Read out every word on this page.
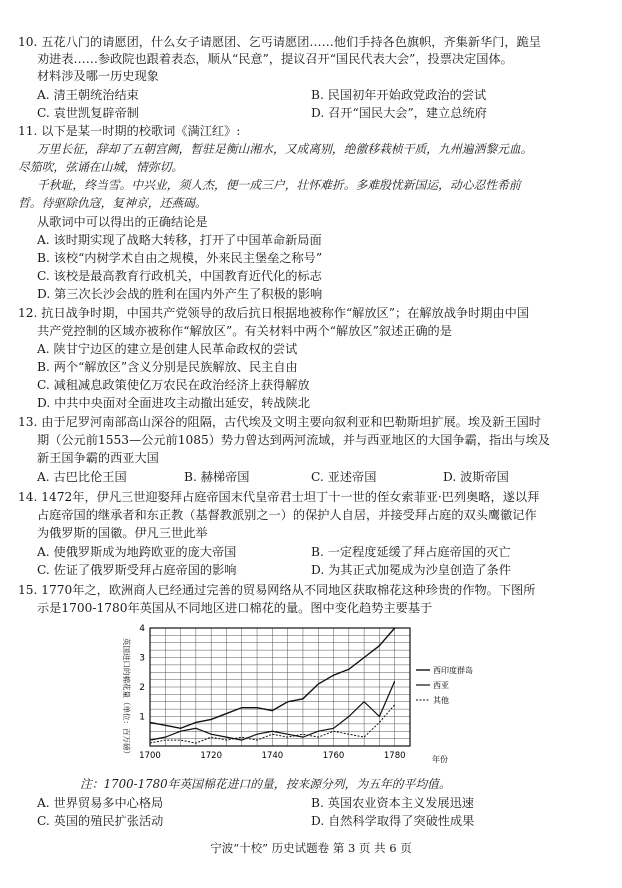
10. 五花八门的请愿团，什么女子请愿团、乞丐请愿团……他们手持各色旗帜，齐集新华门，跪呈
劝进表……参政院也跟着表态，顺从“民意”，提议召开“国民代表大会”，投票决定国体。
材料涉及哪一历史现象
A. 清王朝统治结束	B. 民国初年开始政党政治的尝试
C. 袁世凯复辟帝制	D. 召开“国民大会”，建立总统府
11. 以下是某一时期的校歌词《满江红》:
万里长征，辞却了五朝宫阙，暂驻足衡山湘水，又成离别，绝徼移栽桢干质，九州遍洒黎元血。
尽笳吹，弦诵在山城，情弥切。
千秋耻，终当雪。中兴业，须人杰，便一成三户，壮怀难折。多难殷忧新国运，动心忍性希前
哲。待驱除仇寇，复神京，还燕碣。
从歌词中可以得出的正确结论是
A. 该时期实现了战略大转移，打开了中国革命新局面
B. 该校“内树学术自由之规模，外来民主堡垒之称号”
C. 该校是最高教育行政机关，中国教育近代化的标志
D. 第三次长沙会战的胜利在国内外产生了积极的影响
12. 抗日战争时期，中国共产党领导的敌后抗日根据地被称作“解放区”；在解放战争时期由中国
共产党控制的区域亦被称作“解放区”。有关材料中两个“解放区”叙述正确的是
A. 陕甘宁边区的建立是创建人民革命政权的尝试
B. 两个“解放区”含义分别是民族解放、民主自由
C. 减租减息政策使亿万农民在政治经济上获得解放
D. 中共中央面对全面进攻主动撤出延安，转战陕北
13. 由于尼罗河南部高山深谷的阻隔，古代埃及文明主要向叙利亚和巴勒斯坦扩展。埃及新王国时
期（公元前1553—公元前1085）势力曾达到两河流域，并与西亚地区的大国争霸，指出与埃及
新王国争霸的西亚大国
A. 古巴比伦王国	B. 赫梯帝国	C. 亚述帝国	D. 波斯帝国
14. 1472年，伊凡三世迎娶拜占庭帝国末代皇帝君士坦丁十一世的侄女索菲亚·巴列奥略，遂以拜
占庭帝国的继承者和东正教（基督教派别之一）的保护人自居，并接受拜占庭的双头鹰徽记作
为俄罗斯的国徽。伊凡三世此举
A. 使俄罗斯成为地跨欧亚的庞大帝国	B. 一定程度延缓了拜占庭帝国的灭亡
C. 佐证了俄罗斯受拜占庭帝国的影响	D. 为其正式加冕成为沙皇创造了条件
15. 1770年之，欧洲商人已经通过完善的贸易网络从不同地区获取棉花这种珍贵的作物。下图所
示是1700-1780年英国从不同地区进口棉花的量。图中变化趋势主要基于
英国进口的棉花量（单位：百万磅）
年份
1
2
3
4
1700	1720	1740	1760	1780
西印度群岛
西亚
其他
注：1700-1780年英国棉花进口的量，按来源分列，为五年的平均值。
A. 世界贸易多中心格局	B. 英国农业资本主义发展迅速
C. 英国的殖民扩张活动	D. 自然科学取得了突破性成果
宁波“十校” 历史试题卷 第 3 页 共 6 页
